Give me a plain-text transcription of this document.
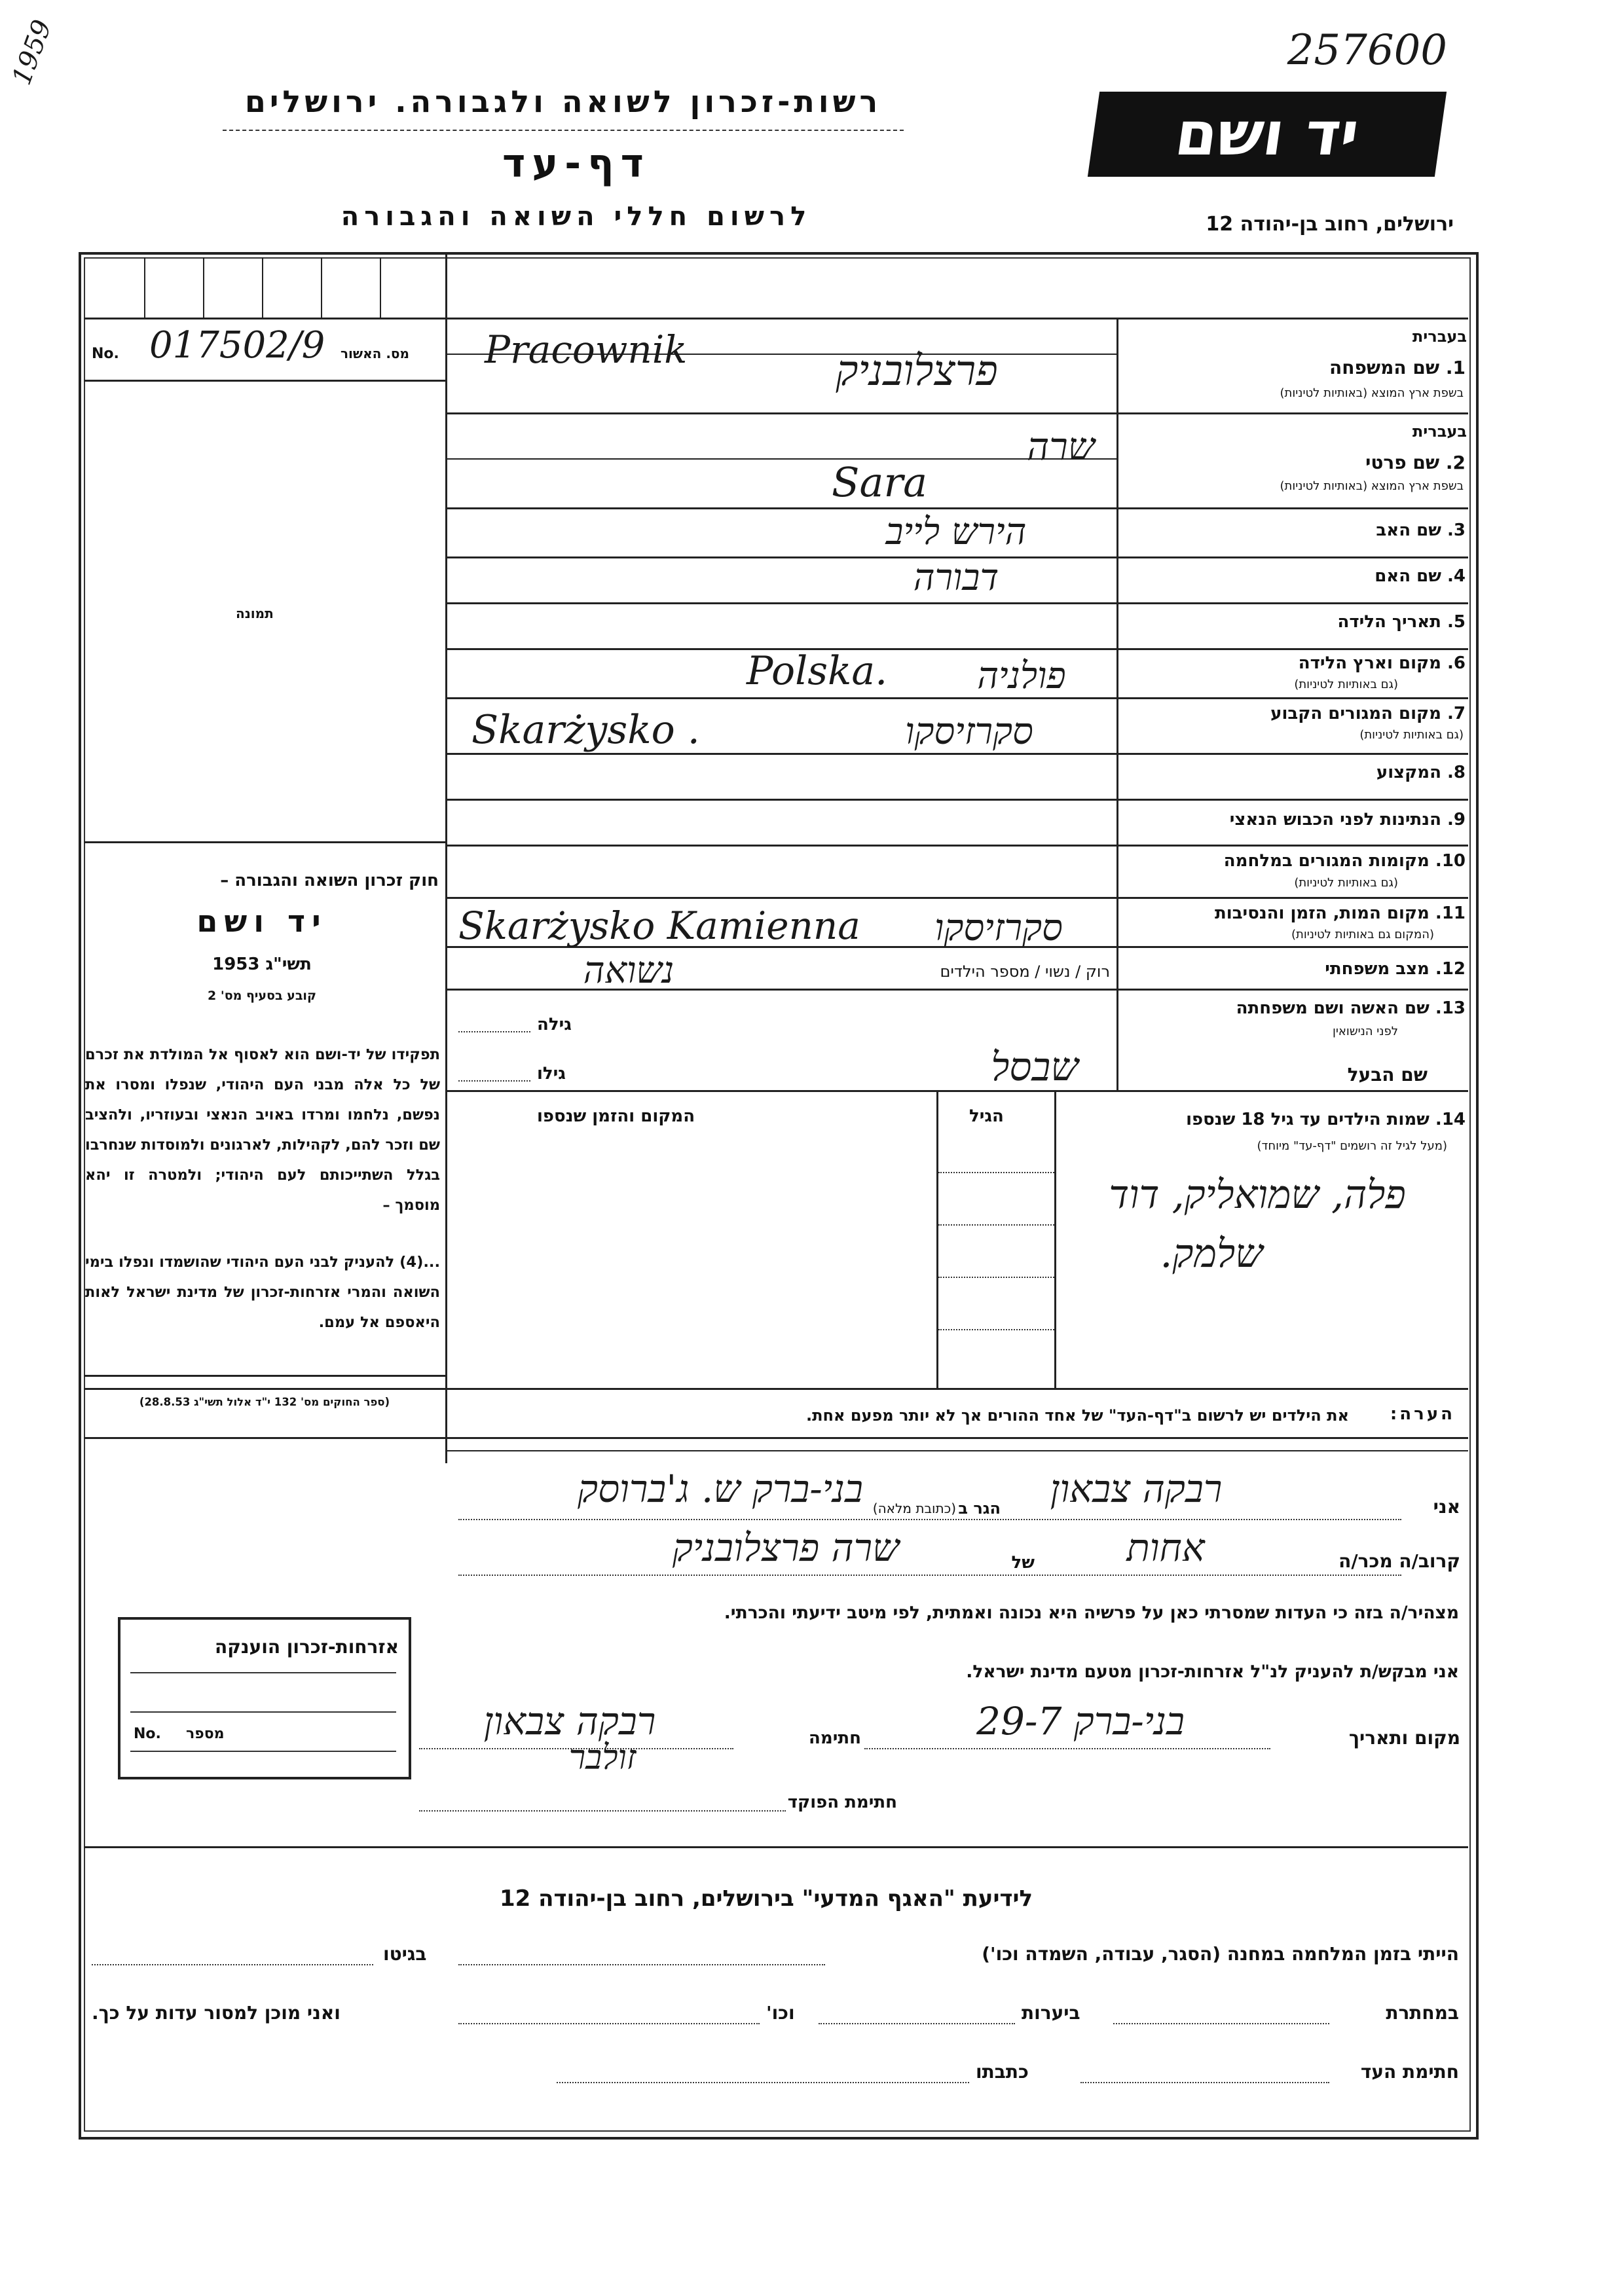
257600
1959
רשות-זכרון לשואה ולגבורה. ירושלים
דף-עד
לרשום חללי השואה והגבורה
יד ושם
ירושלים, רחוב בן-יהודה 12
No. 017502/9 מס. האשור
תמונה
חוק זכרון השואה והגבורה –
יד ושם
תשי"ג 1953
קובע בסעיף מס' 2
תפקידו של יד-ושם הוא לאסוף אל המולדת את זכרם של כל אלה מבני העם היהודי, שנפלו ומסרו את נפשם, נלחמו ומרדו באויב הנאצי ובעוזריו, ולהציב שם וזכר להם, לקהילות, לארגונים ולמוסדות שנחרבו בגלל השתייכותם לעם היהודי; ולמטרה זו יהא מוסמך –
...(4) להעניק לבני העם היהודי שהושמדו ונפלו בימי השואה והמרי אזרחות-זכרון של מדינת ישראל לאות היאספם אל עמם.
(ספר החוקים מס' 132 י"ד אלול תשי"ג 28.8.53)
בעברית
1. שם המשפחה
בשפת ארץ המוצא (באותיות לטיניות)
Pracownik	פרצלובניק
בעברית
2. שם פרטי
בשפת ארץ המוצא (באותיות לטיניות)
שרה
Sara
3. שם האב
הירש לייב
4. שם האם
דבורה
5. תאריך הלידה
6. מקום וארץ הלידה
(גם באותיות לטיניות)
Polska.	פולניה
7. מקום המגורים הקבוע
(גם באותיות לטיניות)
Skarżysko .	סקרזיסקו
8. המקצוע
9. הנתינות לפני הכבוש הנאצי
10. מקומות המגורים במלחמה
(גם באותיות לטיניות)
11. מקום המות, הזמן והנסיבות
(המקום גם באותיות לטיניות)
Skarżysko Kamienna	סקרזיסקו
12. מצב משפחתי
רוק / נשוי / מספר הילדים
נשואה
13. שם האשה ושם משפחתה
לפני הנישואין
שם הבעל
גילה
גילו	שבסל
14. שמות הילדים עד גיל 18 שנספו
(מעל לגיל זה רושמים "דף-עד" מיוחד)
הגיל
המקום והזמן שנספו
פלה, שמואליק, דוד
שלמק.
הערה:
את הילדים יש לרשום ב"דף-העד" של אחד ההורים אך לא יותר מפעם אחת.
אני
רבקה צבאון
הגר ב
(כתובת מלאה)
בני-ברק ש. ג'ברוסק
קרוב/ה מכר/ה
אחות
של
שרה פרצלובניק
מצהיר/ה בזה כי העדות שמסרתי כאן על פרשיה היא נכונה ואמתית, לפי מיטב ידיעתי והכרתי.
אני מבקש/ת להעניק לנ"ל אזרחות-זכרון מטעם מדינת ישראל.
מקום ותאריך
בני-ברק 29-7
חתימה
רבקה צבאון
זולבר
חתימת הפוקד
אזרחות-זכרון הוענקה
מספר
No.
לידיעת "האגף המדעי" בירושלים, רחוב בן-יהודה 12
הייתי בזמן המלחמה במחנה (הסגר, עבודה, השמדה וכו')
בגיטו
במחתרת
ביערות
וכו'
ואני מוכן למסור עדות על כך.
חתימת העד
כתבתו
